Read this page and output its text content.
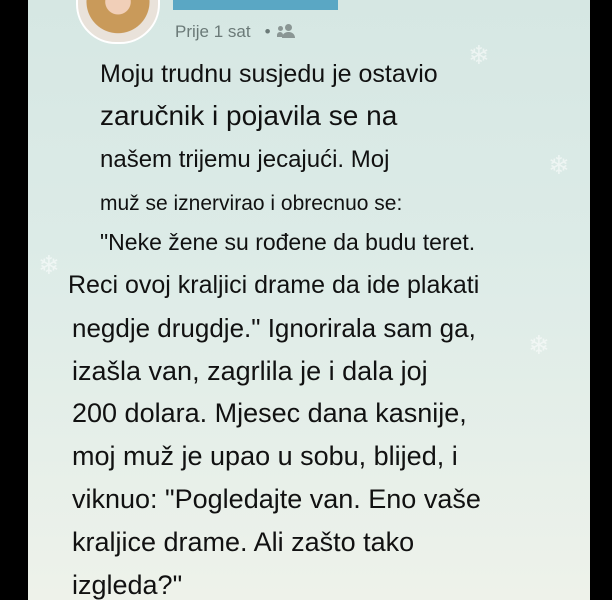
❄
❄
❄
❄
Prije 1 sat •
Moju trudnu susjedu je ostavio
zaručnik i pojavila se na
našem trijemu jecajući. Moj
muž se iznervirao i obrecnuo se:
"Neke žene su rođene da budu teret.
Reci ovoj kraljici drame da ide plakati
negdje drugdje." Ignorirala sam ga,
izašla van, zagrlila je i dala joj
200 dolara. Mjesec dana kasnije,
moj muž je upao u sobu, blijed, i
viknuo: "Pogledajte van. Eno vaše
kraljice drame. Ali zašto tako
izgleda?"
